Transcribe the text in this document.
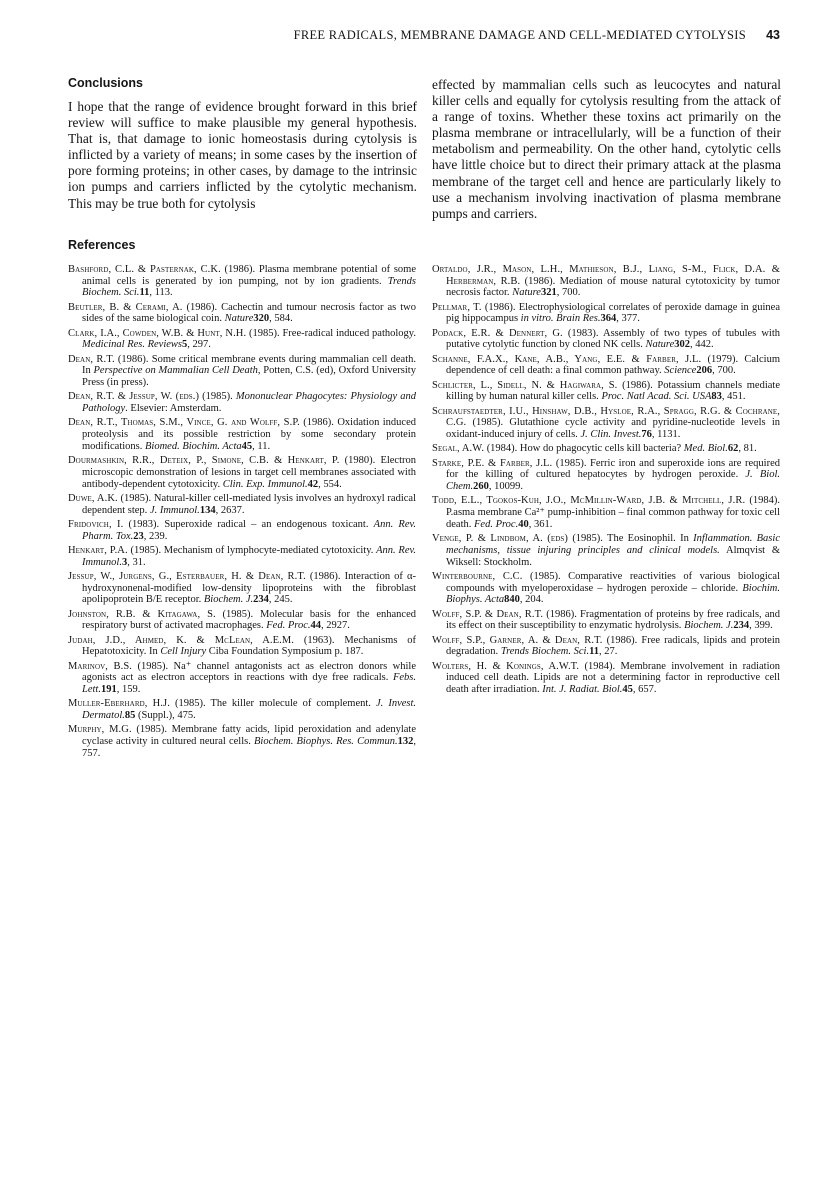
FREE RADICALS, MEMBRANE DAMAGE AND CELL-MEDIATED CYTOLYSIS 43
Conclusions

I hope that the range of evidence brought forward in this brief review will suffice to make plausible my general hypothesis. That is, that damage to ionic homeostasis during cytolysis is inflicted by a variety of means; in some cases by the insertion of pore forming proteins; in other cases, by damage to the intrinsic ion pumps and carriers inflicted by the cytolytic mechanism. This may be true both for cytolysis

effected by mammalian cells such as leucocytes and natural killer cells and equally for cytolysis resulting from the attack of a range of toxins. Whether these toxins act primarily on the plasma membrane or intracellularly, will be a function of their metabolism and permeability. On the other hand, cytolytic cells have little choice but to direct their primary attack at the plasma membrane of the target cell and hence are particularly likely to use a mechanism involving inactivation of plasma membrane pumps and carriers.

References

Bashford, C.L. & Pasternak, C.K. (1986). Plasma membrane potential of some animal cells is generated by ion pumping, not by ion gradients. Trends Biochem. Sci.11, 113.

Beutler, B. & Cerami, A. (1986). Cachectin and tumour necrosis factor as two sides of the same biological coin. Nature320, 584.

Clark, I.A., Cowden, W.B. & Hunt, N.H. (1985). Free-radical induced pathology. Medicinal Res. Reviews5, 297.

Dean, R.T. (1986). Some critical membrane events during mammalian cell death. In Perspective on Mammalian Cell Death, Potten, C.S. (ed), Oxford University Press (in press).

Dean, R.T. & Jessup, W. (eds.) (1985). Mononuclear Phagocytes: Physiology and Pathology. Elsevier: Amsterdam.

Dean, R.T., Thomas, S.M., Vince, G. and Wolff, S.P. (1986). Oxidation induced proteolysis and its possible restriction by some secondary protein modifications. Biomed. Biochim. Acta45, 11.

Dourmashkin, R.R., Deteix, P., Simone, C.B. & Henkart, P. (1980). Electron microscopic demonstration of lesions in target cell membranes associated with antibody-dependent cytotoxicity. Clin. Exp. Immunol.42, 554.

Duwe, A.K. (1985). Natural-killer cell-mediated lysis involves an hydroxyl radical dependent step. J. Immunol.134, 2637.

Fridovich, I. (1983). Superoxide radical – an endogenous toxicant. Ann. Rev. Pharm. Tox.23, 239.

Henkart, P.A. (1985). Mechanism of lymphocyte-mediated cytotoxicity. Ann. Rev. Immunol.3, 31.

Jessup, W., Jurgens, G., Esterbauer, H. & Dean, R.T. (1986). Interaction of α-hydroxynonenal-modified low-density lipoproteins with the fibroblast apolipoprotein B/E receptor. Biochem. J.234, 245.

Johnston, R.B. & Kitagawa, S. (1985). Molecular basis for the enhanced respiratory burst of activated macrophages. Fed. Proc.44, 2927.

Judah, J.D., Ahmed, K. & McLean, A.E.M. (1963). Mechanisms of Hepatotoxicity. In Cell Injury Ciba Foundation Symposium p. 187.

Marinov, B.S. (1985). Na⁺ channel antagonists act as electron donors while agonists act as electron acceptors in reactions with dye free radicals. Febs. Lett.191, 159.

Muller-Eberhard, H.J. (1985). The killer molecule of complement. J. Invest. Dermatol.85 (Suppl.), 475.

Murphy, M.G. (1985). Membrane fatty acids, lipid peroxidation and adenylate cyclase activity in cultured neural cells. Biochem. Biophys. Res. Commun.132, 757.

Ortaldo, J.R., Mason, L.H., Mathieson, B.J., Liang, S-M., Flick, D.A. & Herberman, R.B. (1986). Mediation of mouse natural cytotoxicity by tumor necrosis factor. Nature321, 700.

Pellmar, T. (1986). Electrophysiological correlates of peroxide damage in guinea pig hippocampus in vitro. Brain Res.364, 377.

Podack, E.R. & Dennert, G. (1983). Assembly of two types of tubules with putative cytolytic function by cloned NK cells. Nature302, 442.

Schanne, F.A.X., Kane, A.B., Yang, E.E. & Farber, J.L. (1979). Calcium dependence of cell death: a final common pathway. Science206, 700.

Schlicter, L., Sidell, N. & Hagiwara, S. (1986). Potassium channels mediate killing by human natural killer cells. Proc. Natl Acad. Sci. USA83, 451.

Schraufstaedter, I.U., Hinshaw, D.B., Hysloe, R.A., Spragg, R.G. & Cochrane, C.G. (1985). Glutathione cycle activity and pyridine-nucleotide levels in oxidant-induced injury of cells. J. Clin. Invest.76, 1131.

Segal, A.W. (1984). How do phagocytic cells kill bacteria? Med. Biol.62, 81.

Starke, P.E. & Farber, J.L. (1985). Ferric iron and superoxide ions are required for the killing of cultured hepatocytes by hydrogen peroxide. J. Biol. Chem.260, 10099.

Todd, E.L., Tgokos-Kuh, J.O., McMillin-Ward, J.B. & Mitchell, J.R. (1984). P.asma membrane Ca²⁺ pump-inhibition – final common pathway for toxic cell death. Fed. Proc.40, 361.

Venge, P. & Lindbom, A. (eds) (1985). The Eosinophil. In Inflammation. Basic mechanisms, tissue injuring principles and clinical models. Almqvist & Wiksell: Stockholm.

Winterbourne, C.C. (1985). Comparative reactivities of various biological compounds with myeloperoxidase – hydrogen peroxide – chloride. Biochim. Biophys. Acta840, 204.

Wolff, S.P. & Dean, R.T. (1986). Fragmentation of proteins by free radicals, and its effect on their susceptibility to enzymatic hydrolysis. Biochem. J.234, 399.

Wolff, S.P., Garner, A. & Dean, R.T. (1986). Free radicals, lipids and protein degradation. Trends Biochem. Sci.11, 27.

Wolters, H. & Konings, A.W.T. (1984). Membrane involvement in radiation induced cell death. Lipids are not a determining factor in reproductive cell death after irradiation. Int. J. Radiat. Biol.45, 657.
